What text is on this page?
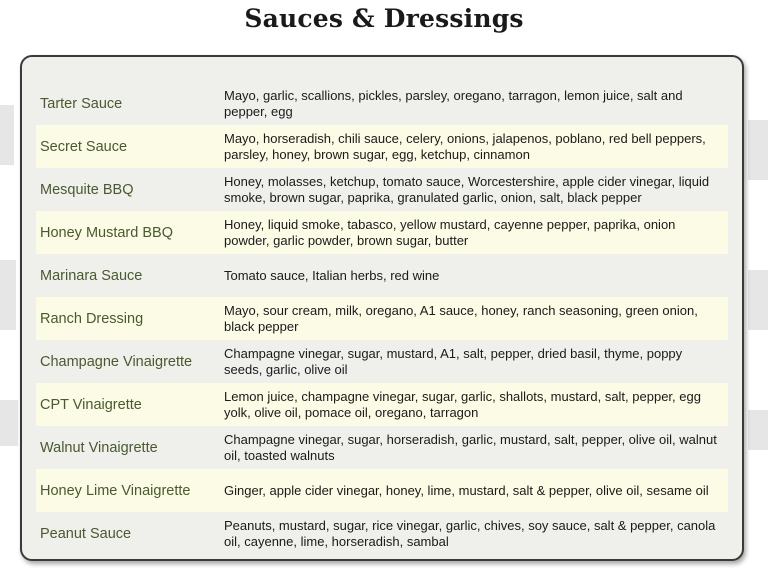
Sauces & Dressings
Tarter Sauce
Mayo, garlic, scallions, pickles, parsley, oregano, tarragon, lemon juice, salt and pepper, egg
Secret Sauce
Mayo, horseradish, chili sauce, celery, onions, jalapenos, poblano, red bell peppers, parsley, honey, brown sugar, egg, ketchup, cinnamon
Mesquite BBQ
Honey, molasses, ketchup, tomato sauce, Worcestershire, apple cider vinegar, liquid smoke, brown sugar, paprika, granulated garlic, onion, salt, black pepper
Honey Mustard BBQ
Honey, liquid smoke, tabasco, yellow mustard, cayenne pepper, paprika, onion powder, garlic powder, brown sugar, butter
Marinara Sauce	Tomato sauce, Italian herbs, red wine
Ranch Dressing
Mayo, sour cream, milk, oregano, A1 sauce, honey, ranch seasoning, green onion, black pepper
Champagne Vinaigrette
Champagne vinegar, sugar, mustard, A1, salt, pepper, dried basil, thyme, poppy seeds, garlic, olive oil
CPT Vinaigrette
Lemon juice, champagne vinegar, sugar, garlic, shallots, mustard, salt, pepper, egg yolk, olive oil, pomace oil, oregano, tarragon
Walnut Vinaigrette
Champagne vinegar, sugar, horseradish, garlic, mustard, salt, pepper, olive oil, walnut oil, toasted walnuts
Honey Lime Vinaigrette	Ginger, apple cider vinegar, honey, lime, mustard, salt & pepper, olive oil, sesame oil
Peanut Sauce
Peanuts, mustard, sugar, rice vinegar, garlic, chives, soy sauce, salt & pepper, canola oil, cayenne, lime, horseradish, sambal
